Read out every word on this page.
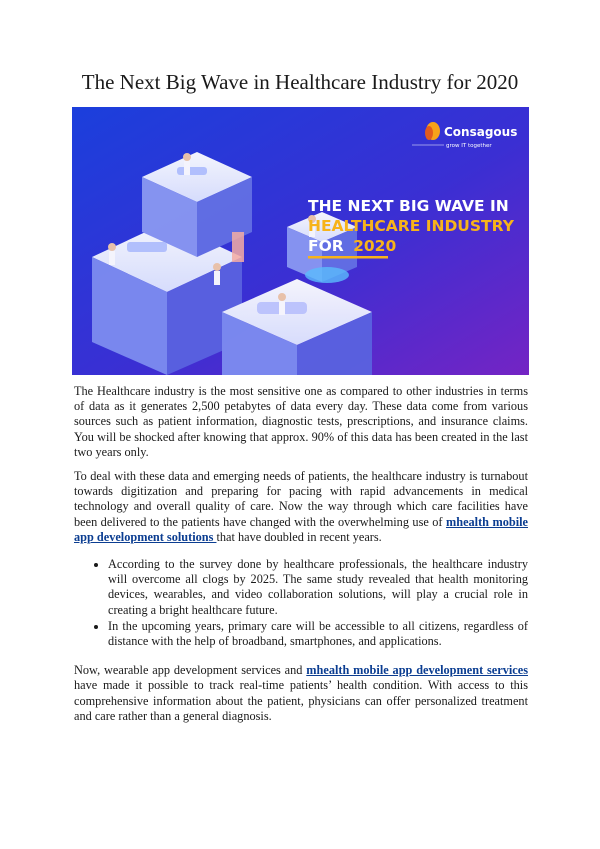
The Next Big Wave in Healthcare Industry for 2020
Consagous
grow IT together
THE NEXT BIG WAVE IN
HEALTHCARE INDUSTRY
FOR 2020

The Healthcare industry is the most sensitive one as compared to other industries in terms of data as it generates 2,500 petabytes of data every day. These data come from various sources such as patient information, diagnostic tests, prescriptions, and insurance claims. You will be shocked after knowing that approx. 90% of this data has been created in the last two years only.

To deal with these data and emerging needs of patients, the healthcare industry is turnabout towards digitization and preparing for pacing with rapid advancements in medical technology and overall quality of care. Now the way through which care facilities have been delivered to the patients have changed with the overwhelming use of mhealth mobile app development solutions that have doubled in recent years.

• According to the survey done by healthcare professionals, the healthcare industry will overcome all clogs by 2025. The same study revealed that health monitoring devices, wearables, and video collaboration solutions, will play a crucial role in creating a bright healthcare future.
• In the upcoming years, primary care will be accessible to all citizens, regardless of distance with the help of broadband, smartphones, and applications.

Now, wearable app development services and mhealth mobile app development services have made it possible to track real-time patients’ health condition. With access to this comprehensive information about the patient, physicians can offer personalized treatment and care rather than a general diagnosis.
